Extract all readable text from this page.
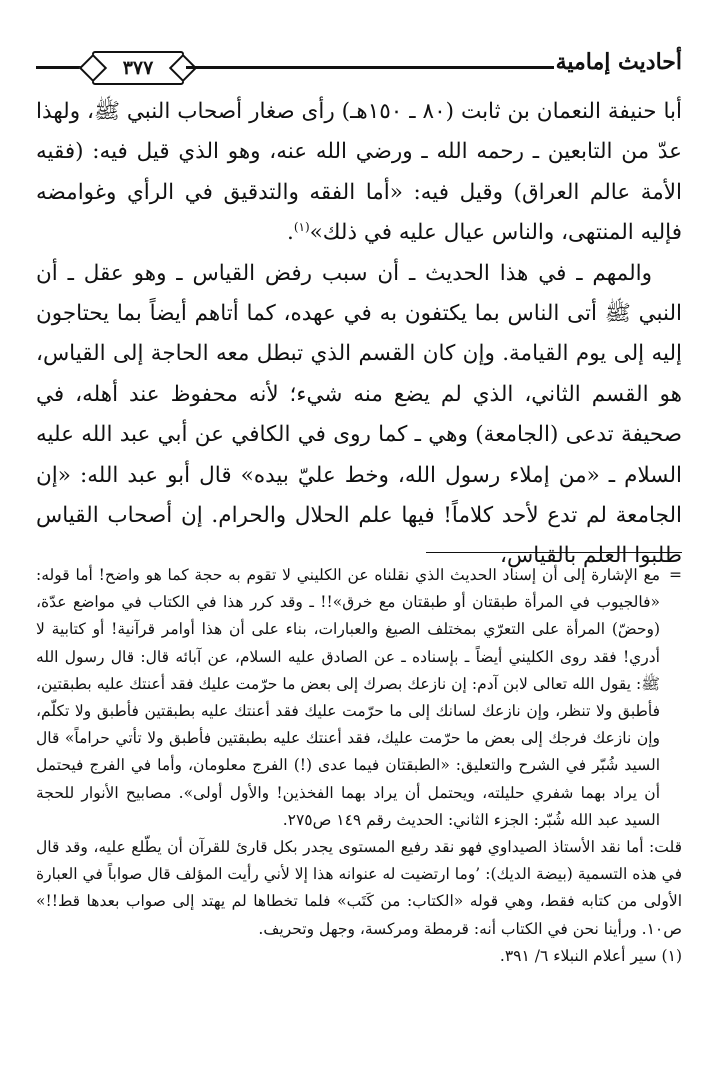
٣٧٧	أحاديث إمامية

أبا حنيفة النعمان بن ثابت (٨٠ ـ ١٥٠هـ) رأى صغار أصحاب النبي ﷺ، ولهذا عدّ من التابعين ـ رحمه الله ـ ورضي الله عنه، وهو الذي قيل فيه: (فقيه الأمة عالم العراق) وقيل فيه: «أما الفقه والتدقيق في الرأي وغوامضه فإليه المنتهى، والناس عيال عليه في ذلك»$^{(١)}$.

والمهم ـ في هذا الحديث ـ أن سبب رفض القياس ـ وهو عقل ـ أن النبي ﷺ أتى الناس بما يكتفون به في عهده، كما أتاهم أيضاً بما يحتاجون إليه إلى يوم القيامة. وإن كان القسم الذي تبطل معه الحاجة إلى القياس، هو القسم الثاني، الذي لم يضع منه شيء؛ لأنه محفوظ عند أهله، في صحيفة تدعى (الجامعة) وهي ـ كما روى في الكافي عن أبي عبد الله عليه السلام ـ «من إملاء رسول الله، وخط عليّ بيده» قال أبو عبد الله: «إن الجامعة لم تدع لأحد كلاماً! فيها علم الحلال والحرام. إن أصحاب القياس طلبوا العلم بالقياس،

=
مع الإشارة إلى أن إسناد الحديث الذي نقلناه عن الكليني لا تقوم به حجة كما هو واضح! أما قوله: «فالجيوب في المرأة طبقتان أو طبقتان مع خرق»!! ـ وقد كرر هذا في الكتاب في مواضع عدّة، (وحضّ) المرأة على التعرّي بمختلف الصيغ والعبارات، بناء على أن هذا أوامر قرآنية! أو كتابية لا أدري! فقد روى الكليني أيضاً ـ بإسناده ـ عن الصادق عليه السلام، عن آبائه قال: قال رسول الله ﷺ: يقول الله تعالى لابن آدم: إن نازعك بصرك إلى بعض ما حرّمت عليك فقد أعنتك عليه بطبقتين، فأطبق ولا تنظر، وإن نازعك لسانك إلى ما حرّمت عليك فقد أعنتك عليه بطبقتين فأطبق ولا تكلّم، وإن نازعك فرجك إلى بعض ما حرّمت عليك، فقد أعنتك عليه بطبقتين فأطبق ولا تأتي حراماً» قال السيد شُبّر في الشرح والتعليق: «الطبقتان فيما عدى (!) الفرج معلومان، وأما في الفرج فيحتمل أن يراد بهما شفري حليلته، ويحتمل أن يراد بهما الفخذين! والأول أولى». مصابيح الأنوار للحجة السيد عبد الله شُبّر: الجزء الثاني: الحديث رقم ١٤٩ ص٢٧٥.

قلت: أما نقد الأستاذ الصيداوي فهو نقد رفيع المستوى يجدر بكل قارئ للقرآن أن يطّلع عليه، وقد قال في هذه التسمية (بيضة الديك): ’وما ارتضيت له عنوانه هذا إلا لأني رأيت المؤلف قال صواباً في العبارة الأولى من كتابه فقط، وهي قوله «الكتاب: من كَتَب» فلما تخطاها لم يهتد إلى صواب بعدها قط!!» ص١٠. ورأينا نحن في الكتاب أنه: قرمطة ومركسة، وجهل وتحريف.

(١) سير أعلام النبلاء ٦/ ٣٩١.
